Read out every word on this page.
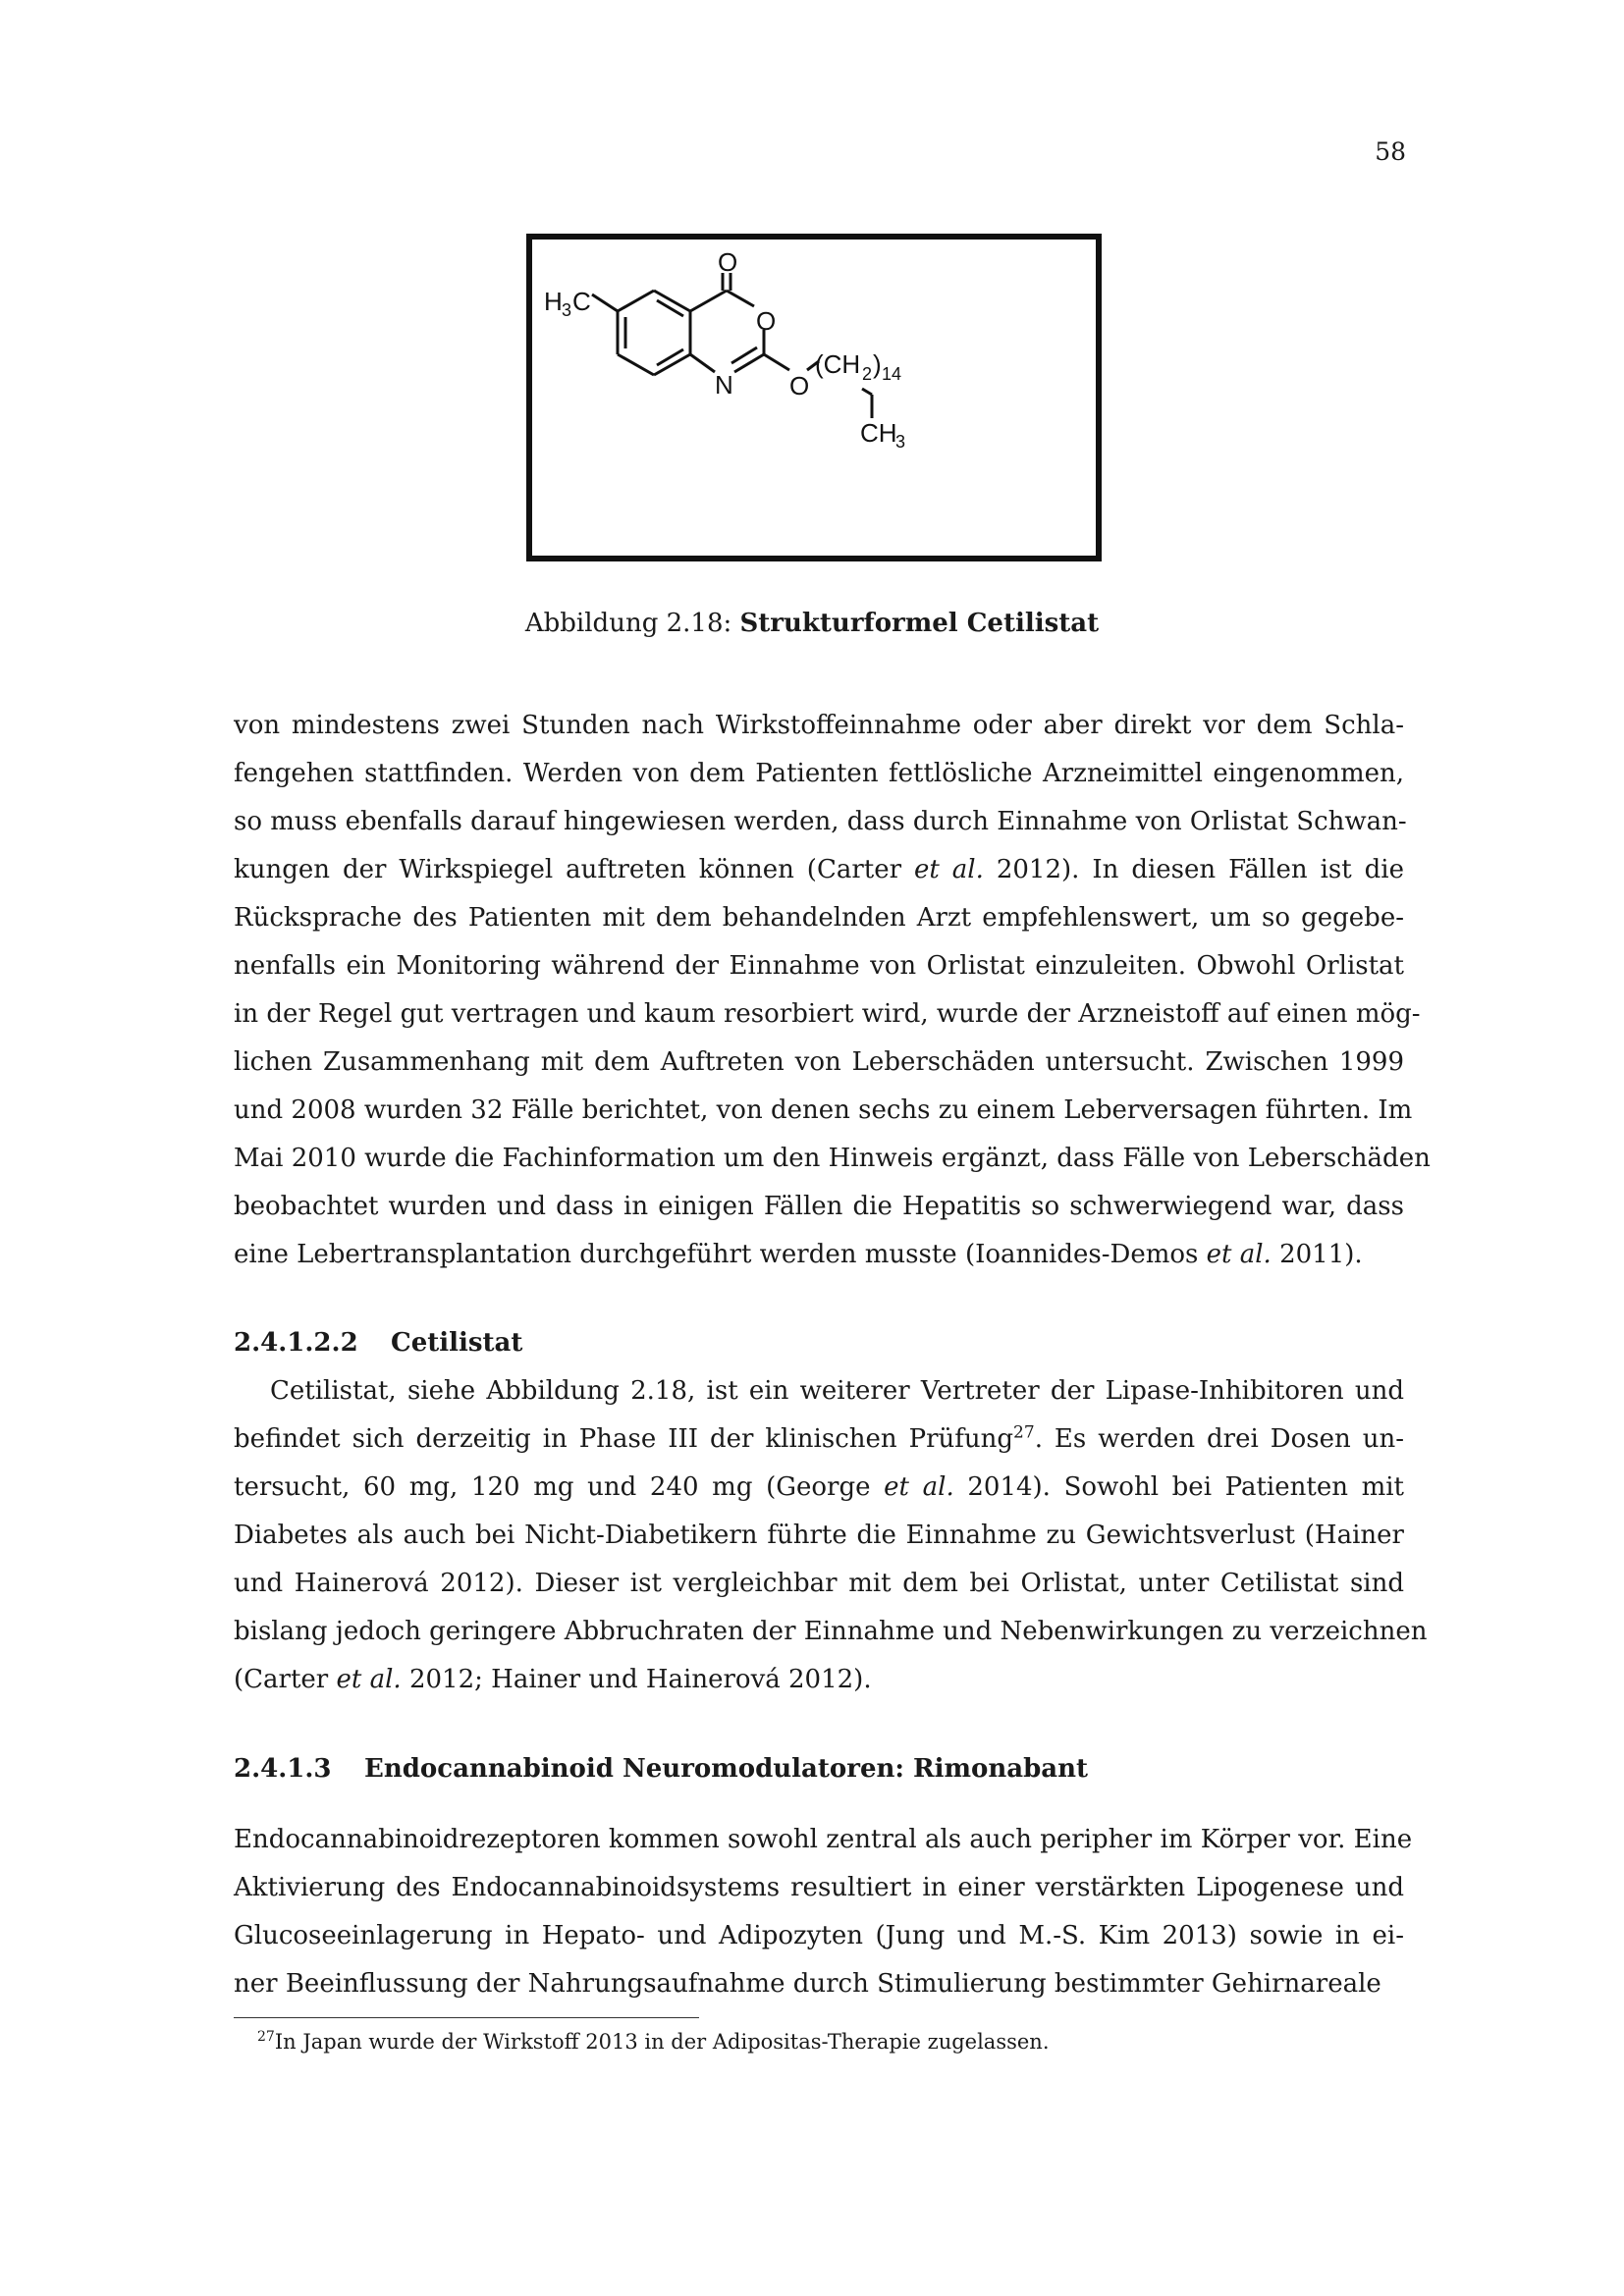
58
O
O
N O
H 3 C
(CH 2 ) 14
CH
3
Abbildung 2.18: Strukturformel Cetilistat
von mindestens zwei Stunden nach Wirkstoffeinnahme oder aber direkt vor dem Schla-
fengehen stattfinden. Werden von dem Patienten fettlösliche Arzneimittel eingenommen,
so muss ebenfalls darauf hingewiesen werden, dass durch Einnahme von Orlistat Schwan-
kungen der Wirkspiegel auftreten können (Carter et al. 2012). In diesen Fällen ist die
Rücksprache des Patienten mit dem behandelnden Arzt empfehlenswert, um so gegebe-
nenfalls ein Monitoring während der Einnahme von Orlistat einzuleiten. Obwohl Orlistat
in der Regel gut vertragen und kaum resorbiert wird, wurde der Arzneistoff auf einen mög-
lichen Zusammenhang mit dem Auftreten von Leberschäden untersucht. Zwischen 1999
und 2008 wurden 32 Fälle berichtet, von denen sechs zu einem Leberversagen führten. Im
Mai 2010 wurde die Fachinformation um den Hinweis ergänzt, dass Fälle von Leberschäden
beobachtet wurden und dass in einigen Fällen die Hepatitis so schwerwiegend war, dass
eine Lebertransplantation durchgeführt werden musste (Ioannides-Demos et al. 2011).
2.4.1.2.2 Cetilistat
Cetilistat, siehe Abbildung 2.18, ist ein weiterer Vertreter der Lipase-Inhibitoren und
befindet sich derzeitig in Phase III der klinischen Prüfung$^{27}$. Es werden drei Dosen un-
tersucht, 60 mg, 120 mg und 240 mg (George et al. 2014). Sowohl bei Patienten mit
Diabetes als auch bei Nicht-Diabetikern führte die Einnahme zu Gewichtsverlust (Hainer
und Hainerová 2012). Dieser ist vergleichbar mit dem bei Orlistat, unter Cetilistat sind
bislang jedoch geringere Abbruchraten der Einnahme und Nebenwirkungen zu verzeichnen
(Carter et al. 2012; Hainer und Hainerová 2012).
2.4.1.3 Endocannabinoid Neuromodulatoren: Rimonabant
Endocannabinoidrezeptoren kommen sowohl zentral als auch peripher im Körper vor. Eine
Aktivierung des Endocannabinoidsystems resultiert in einer verstärkten Lipogenese und
Glucoseeinlagerung in Hepato- und Adipozyten (Jung und M.-S. Kim 2013) sowie in ei-
ner Beeinflussung der Nahrungsaufnahme durch Stimulierung bestimmter Gehirnareale
$^{27}$In Japan wurde der Wirkstoff 2013 in der Adipositas-Therapie zugelassen.
